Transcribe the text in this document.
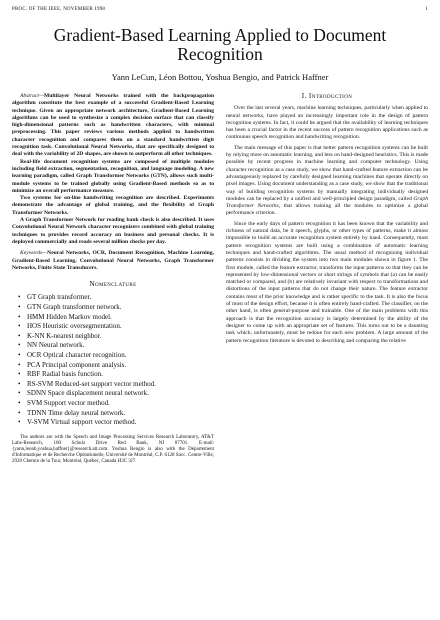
PROC. OF THE IEEE, NOVEMBER 1998	1
Gradient-Based Learning Applied to Document Recognition
Yann LeCun, Léon Bottou, Yoshua Bengio, and Patrick Haffner

Abstract—Multilayer Neural Networks trained with the backpropagation algorithm constitute the best example of a successful Gradient-Based Learning technique. Given an appropriate network architecture, Gradient-Based Learning algorithms can be used to synthesize a complex decision surface that can classify high-dimensional patterns such as handwritten characters, with minimal preprocessing. This paper reviews various methods applied to handwritten character recognition and compares them on a standard handwritten digit recognition task. Convolutional Neural Networks, that are specifically designed to deal with the variability of 2D shapes, are shown to outperform all other techniques.

Real-life document recognition systems are composed of multiple modules including field extraction, segmentation, recognition, and language modeling. A new learning paradigm, called Graph Transformer Networks (GTN), allows such multi-module systems to be trained globally using Gradient-Based methods so as to minimize an overall performance measure.

Two systems for on-line handwriting recognition are described. Experiments demonstrate the advantage of global training, and the flexibility of Graph Transformer Networks.

A Graph Transformer Network for reading bank check is also described. It uses Convolutional Neural Network character recognizers combined with global training techniques to provides record accuracy on business and personal checks. It is deployed commercially and reads several million checks per day.

Keywords—Neural Networks, OCR, Document Recognition, Machine Learning, Gradient-Based Learning, Convolutional Neural Networks, Graph Transformer Networks, Finite State Transducers.

Nomenclature
• GT Graph transformer.
• GTN Graph transformer network.
• HMM Hidden Markov model.
• HOS Heuristic oversegmentation.
• K-NN K-nearest neighbor.
• NN Neural network.
• OCR Optical character recognition.
• PCA Principal component analysis.
• RBF Radial basis function.
• RS-SVM Reduced-set support vector method.
• SDNN Space displacement neural network.
• SVM Support vector method.
• TDNN Time delay neural network.
• V-SVM Virtual support vector method.

The authors are with the Speech and Image Processing Services Research Laboratory, AT&T Labs-Research, 100 Schulz Drive Red Bank, NJ 07701. E-mail: {yann,leonb,yoshua,haffner}@research.att.com. Yoshua Bengio is also with the Département d'Informatique et de Recherche Opérationelle, Université de Montréal, C.P. 6128 Succ. Centre-Ville, 2920 Chemin de la Tour, Montréal, Québec, Canada H3C 3J7.

I. Introduction

Over the last several years, machine learning techniques, particularly when applied to neural networks, have played an increasingly important role in the design of pattern recognition systems. In fact, it could be argued that the availability of learning techniques has been a crucial factor in the recent success of pattern recognition applications such as continuous speech recognition and handwriting recognition.

The main message of this paper is that better pattern recognition systems can be built by relying more on automatic learning, and less on hand-designed heuristics. This is made possible by recent progress in machine learning and computer technology. Using character recognition as a case study, we show that hand-crafted feature extraction can be advantageously replaced by carefully designed learning machines that operate directly on pixel images. Using document understanding as a case study, we show that the traditional way of building recognition systems by manually integrating individually designed modules can be replaced by a unified and well-principled design paradigm, called Graph Transformer Networks, that allows training all the modules to optimize a global performance criterion.

Since the early days of pattern recognition it has been known that the variability and richness of natural data, be it speech, glyphs, or other types of patterns, make it almost impossible to build an accurate recognition system entirely by hand. Consequently, most pattern recognition systems are built using a combination of automatic learning techniques and hand-crafted algorithms. The usual method of recognizing individual patterns consists in dividing the system into two main modules shown in figure 1. The first module, called the feature extractor, transforms the input patterns so that they can be represented by low-dimensional vectors or short strings of symbols that (a) can be easily matched or compared, and (b) are relatively invariant with respect to transformations and distortions of the input patterns that do not change their nature. The feature extractor contains most of the prior knowledge and is rather specific to the task. It is also the focus of most of the design effort, because it is often entirely hand-crafted. The classifier, on the other hand, is often general-purpose and trainable. One of the main problems with this approach is that the recognition accuracy is largely determined by the ability of the designer to come up with an appropriate set of features. This turns out to be a daunting task which, unfortunately, must be redone for each new problem. A large amount of the pattern recognition literature is devoted to describing and comparing the relative
